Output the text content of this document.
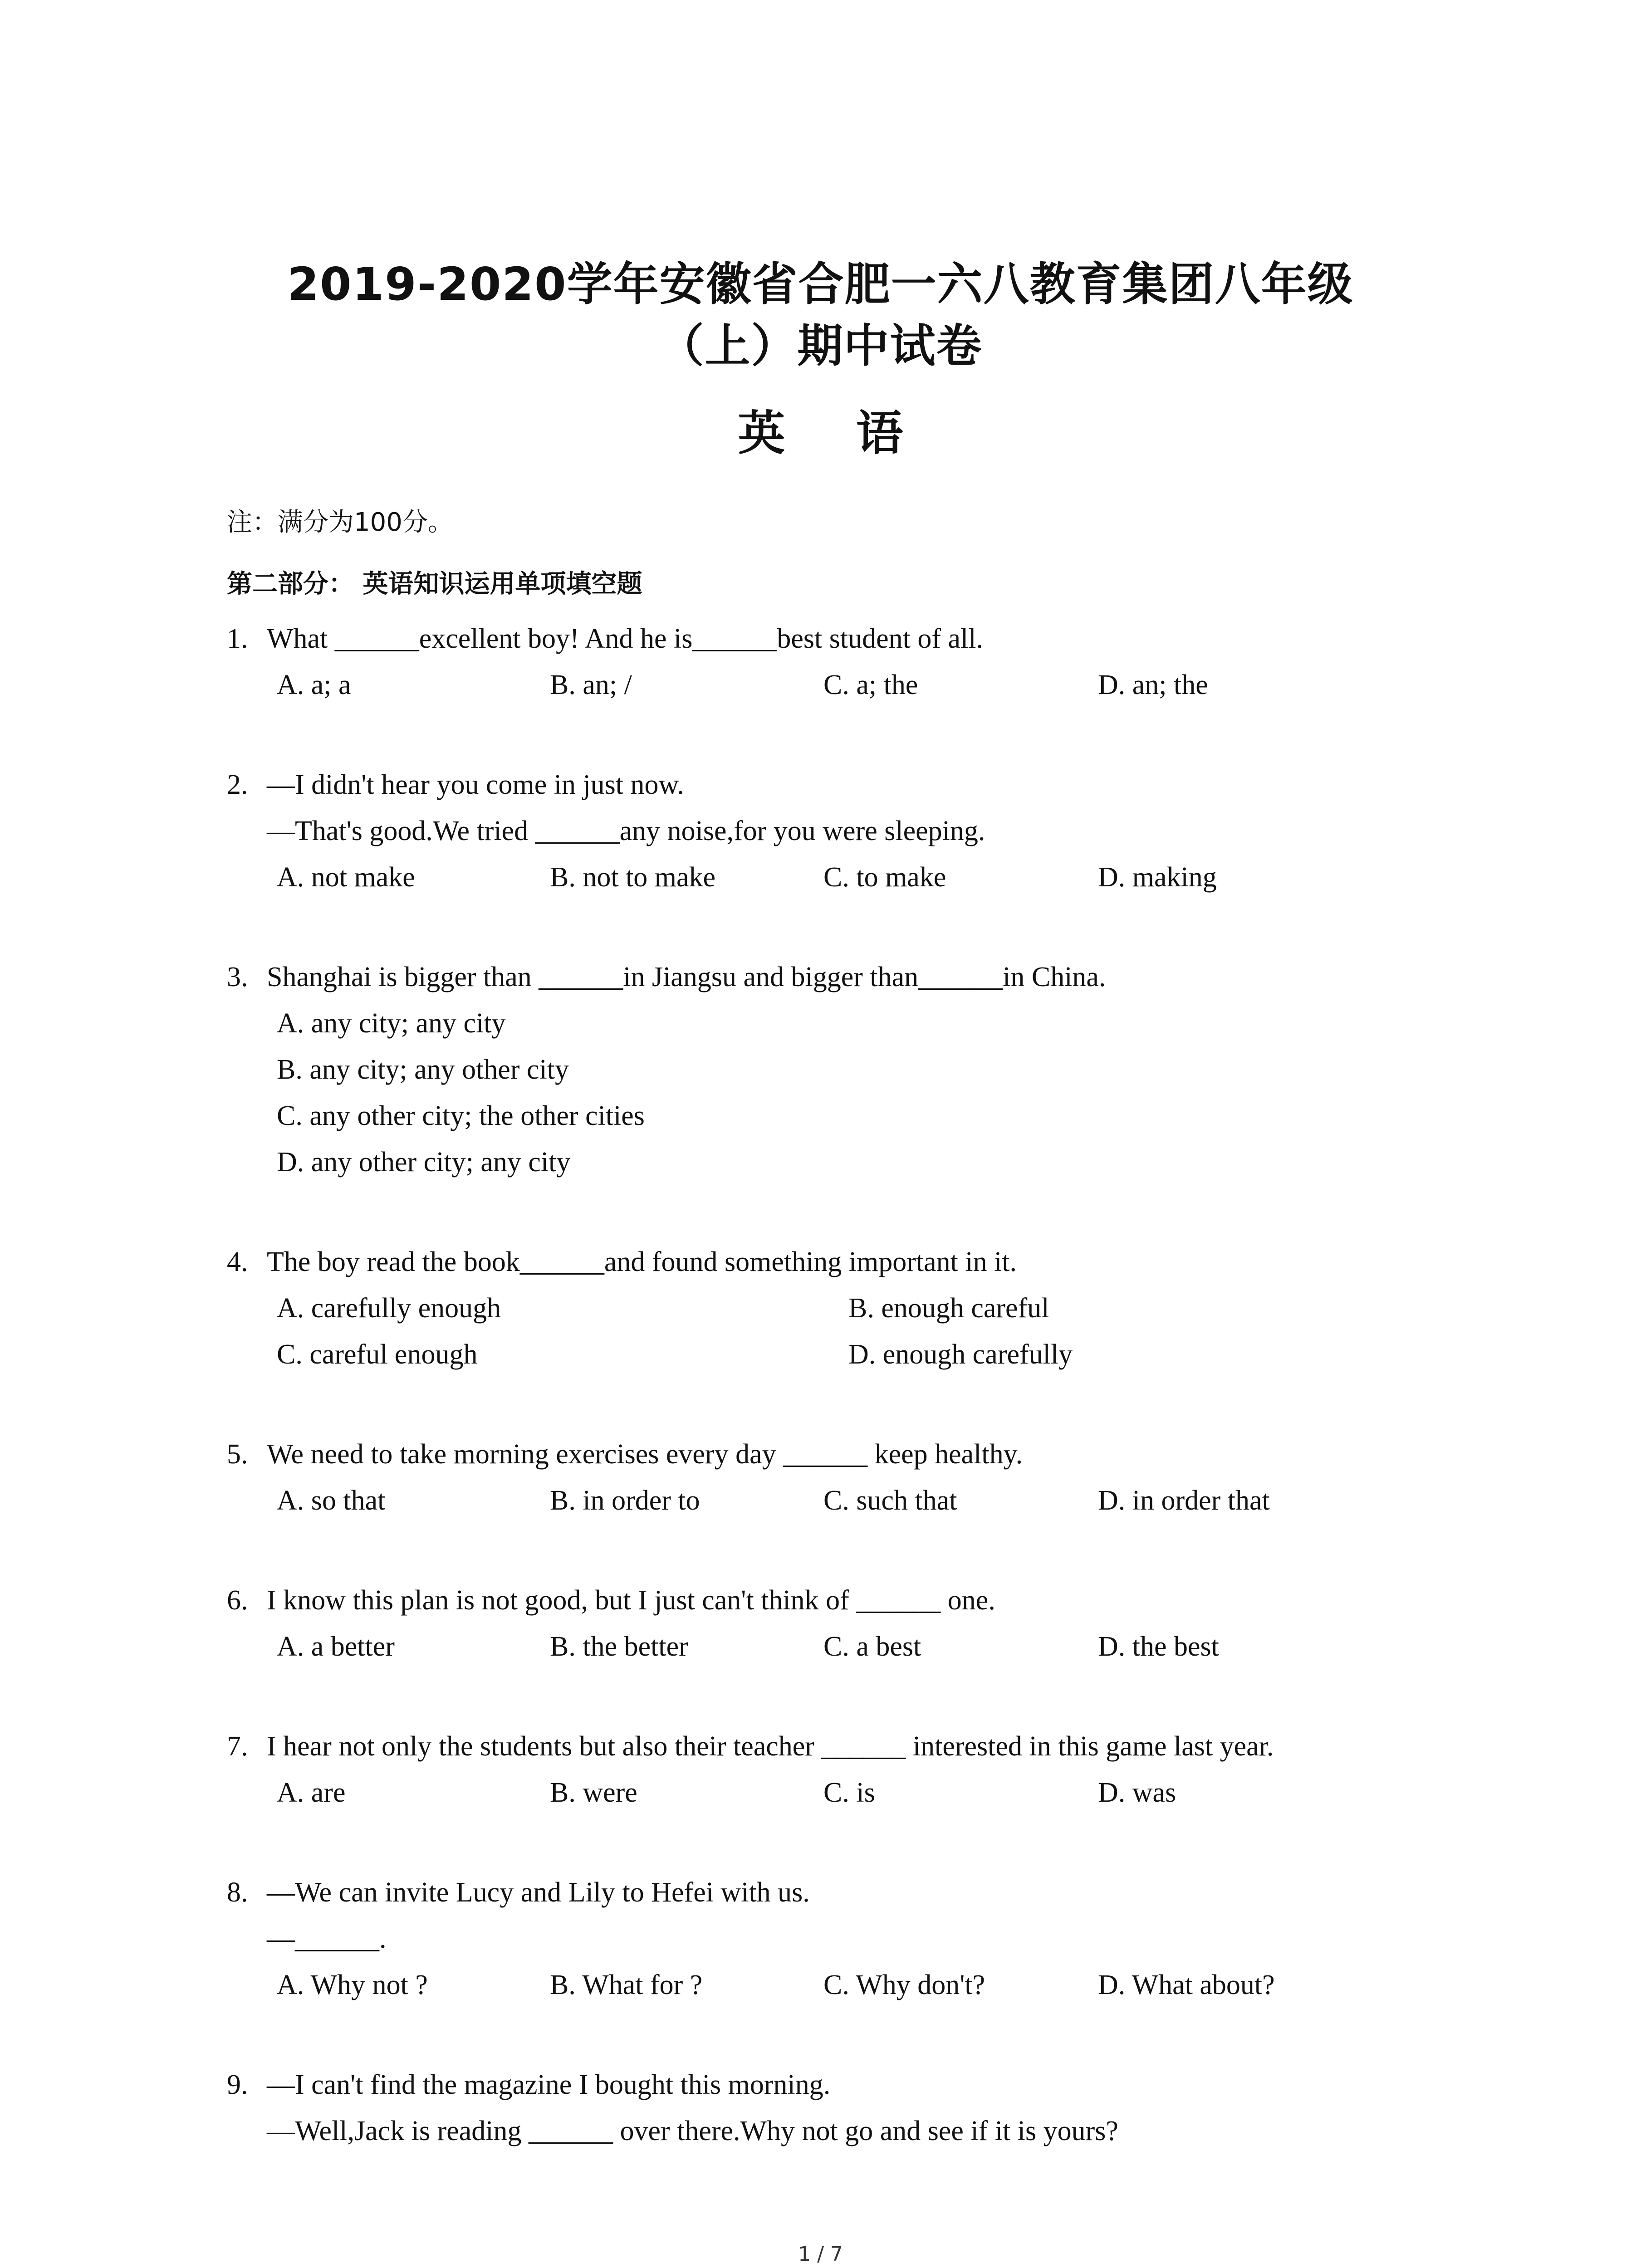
2019-2020学年安徽省合肥一六八教育集团八年级
（上）期中试卷
英 语
注：满分为100分。
第二部分： 英语知识运用单项填空题
1. What ______excellent boy! And he is______best student of all.
A. a; a	B. an; /	C. a; the	D. an; the
2. —I didn't hear you come in just now.
—That's good.We tried ______any noise,for you were sleeping.
A. not make	B. not to make	C. to make	D. making
3. Shanghai is bigger than ______in Jiangsu and bigger than______in China.
A. any city; any city
B. any city; any other city
C. any other city; the other cities
D. any other city; any city
4. The boy read the book______and found something important in it.
A. carefully enough	B. enough careful
C. careful enough	D. enough carefully
5. We need to take morning exercises every day ______ keep healthy.
A. so that	B. in order to	C. such that	D. in order that
6. I know this plan is not good, but I just can't think of ______ one.
A. a better	B. the better	C. a best	D. the best
7. I hear not only the students but also their teacher ______ interested in this game last year.
A. are	B. were	C. is	D. was
8. —We can invite Lucy and Lily to Hefei with us.
—______.
A. Why not ?	B. What for ?	C. Why don't?	D. What about?
9. —I can't find the magazine I bought this morning.
—Well,Jack is reading ______ over there.Why not go and see if it is yours?
1 / 7
